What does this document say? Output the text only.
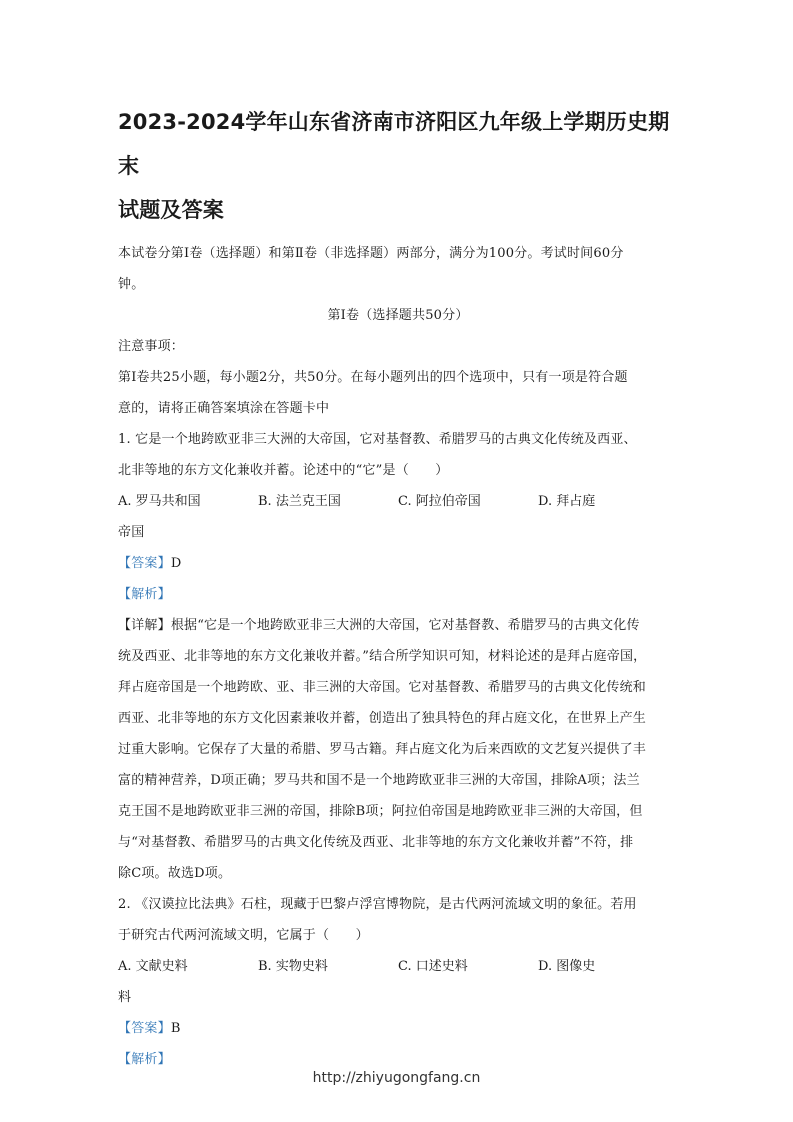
2023-2024学年山东省济南市济阳区九年级上学期历史期末
试题及答案

本试卷分第Ⅰ卷（选择题）和第Ⅱ卷（非选择题）两部分，满分为100分。考试时间60分

钟。

第Ⅰ卷（选择题共50分）

注意事项：

第Ⅰ卷共25小题，每小题2分，共50分。在每小题列出的四个选项中，只有一项是符合题

意的，请将正确答案填涂在答题卡中

1. 它是一个地跨欧亚非三大洲的大帝国，它对基督教、希腊罗马的古典文化传统及西亚、

北非等地的东方文化兼收并蓄。论述中的“它”是（　　）

A. 罗马共和国	B. 法兰克王国	C. 阿拉伯帝国	D. 拜占庭

帝国

【答案】D

【解析】

【详解】根据“它是一个地跨欧亚非三大洲的大帝国，它对基督教、希腊罗马的古典文化传

统及西亚、北非等地的东方文化兼收并蓄。”结合所学知识可知，材料论述的是拜占庭帝国，

拜占庭帝国是一个地跨欧、亚、非三洲的大帝国。它对基督教、希腊罗马的古典文化传统和

西亚、北非等地的东方文化因素兼收并蓄，创造出了独具特色的拜占庭文化，在世界上产生

过重大影响。它保存了大量的希腊、罗马古籍。拜占庭文化为后来西欧的文艺复兴提供了丰

富的精神营养，D项正确；罗马共和国不是一个地跨欧亚非三洲的大帝国，排除A项；法兰

克王国不是地跨欧亚非三洲的帝国，排除B项；阿拉伯帝国是地跨欧亚非三洲的大帝国，但

与“对基督教、希腊罗马的古典文化传统及西亚、北非等地的东方文化兼收并蓄”不符，排

除C项。故选D项。

2. 《汉谟拉比法典》石柱，现藏于巴黎卢浮宫博物院，是古代两河流域文明的象征。若用

于研究古代两河流域文明，它属于（　　）

A. 文献史料	B. 实物史料	C. 口述史料	D. 图像史

料

【答案】B

【解析】

http://zhiyugongfang.cn
